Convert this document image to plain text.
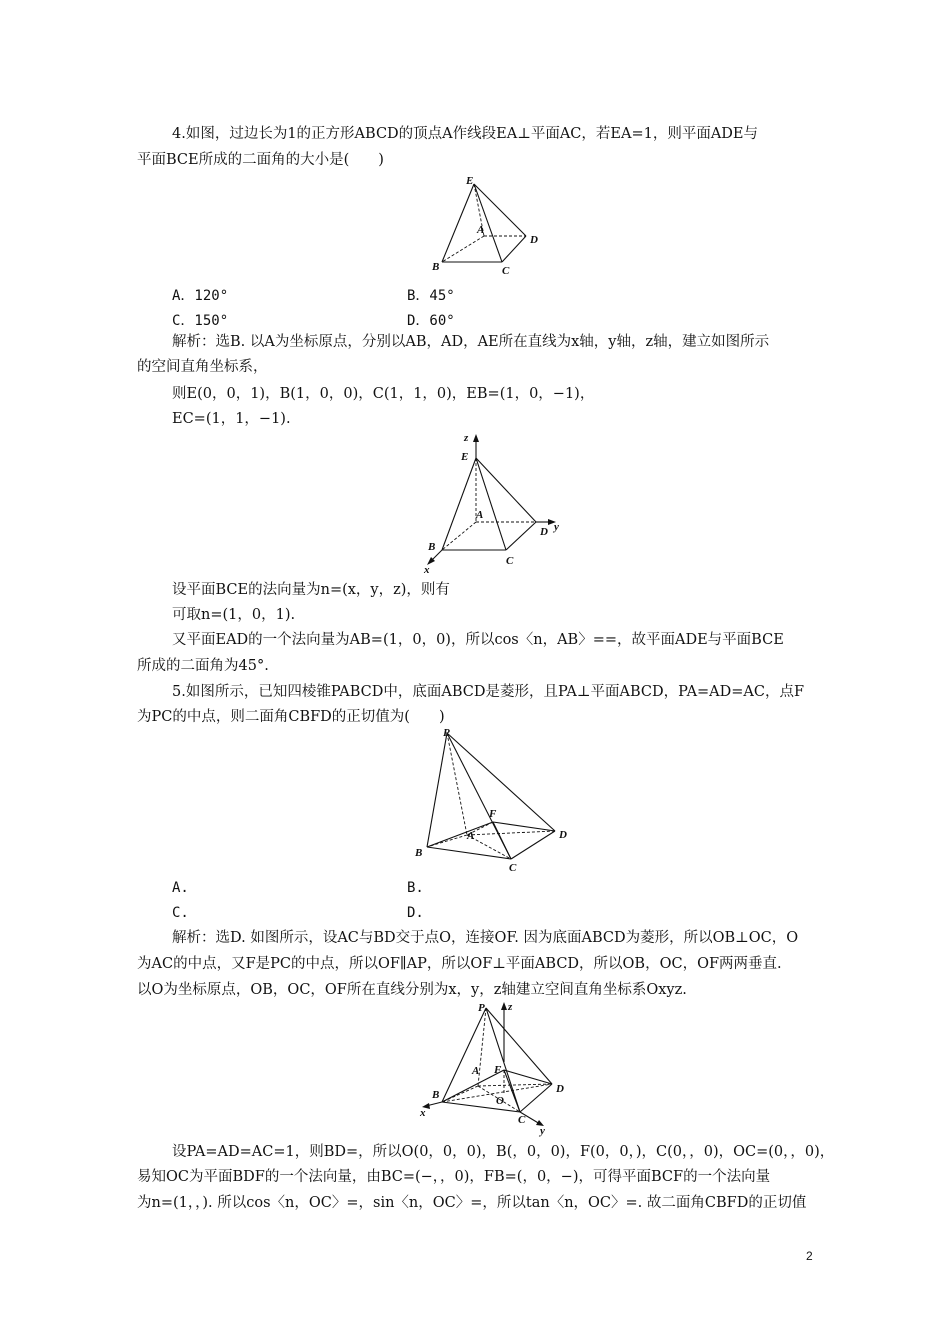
4.如图，过边长为1的正方形ABCD的顶点A作线段EA⊥平面AC，若EA=1，则平面ADE与
平面BCE所成的二面角的大小是(　　)
E
A
D
B	C
A．120°	B．45°
C．150°	D．60°
解析：选B. 以A为坐标原点，分别以AB，AD，AE所在直线为x轴，y轴，z轴，建立如图所示
的空间直角坐标系，
则E(0，0，1)，B(1，0，0)，C(1，1，0)，EB=(1，0，−1)，
EC=(1，1，−1).
z
E
A
D y
B
C
x
设平面BCE的法向量为n=(x，y，z)，则有
可取n=(1，0，1).
又平面EAD的一个法向量为AB=(1，0，0)，所以cos〈n，AB〉==，故平面ADE与平面BCE
所成的二面角为45°.
5.如图所示，已知四棱锥PABCD中，底面ABCD是菱形，且PA⊥平面ABCD，PA=AD=AC，点F
为PC的中点，则二面角CBFD的正切值为(　　)
P
F
A	D
B
C
A.	B.
C.	D.
解析：选D. 如图所示，设AC与BD交于点O，连接OF. 因为底面ABCD为菱形，所以OB⊥OC，O
为AC的中点，又F是PC的中点，所以OF∥AP，所以OF⊥平面ABCD，所以OB，OC，OF两两垂直.
以O为坐标原点，OB，OC，OF所在直线分别为x，y，z轴建立空间直角坐标系Oxyz.
P z
A F
D
B	O
C
x
y
设PA=AD=AC=1，则BD=，所以O(0，0，0)，B(，0，0)，F(0，0，)，C(0，，0)，OC=(0，，0)，
易知OC为平面BDF的一个法向量，由BC=(−，，0)，FB=(，0，−)，可得平面BCF的一个法向量
为n=(1，，). 所以cos〈n，OC〉=，sin〈n，OC〉=，所以tan〈n，OC〉=. 故二面角CBFD的正切值
2
